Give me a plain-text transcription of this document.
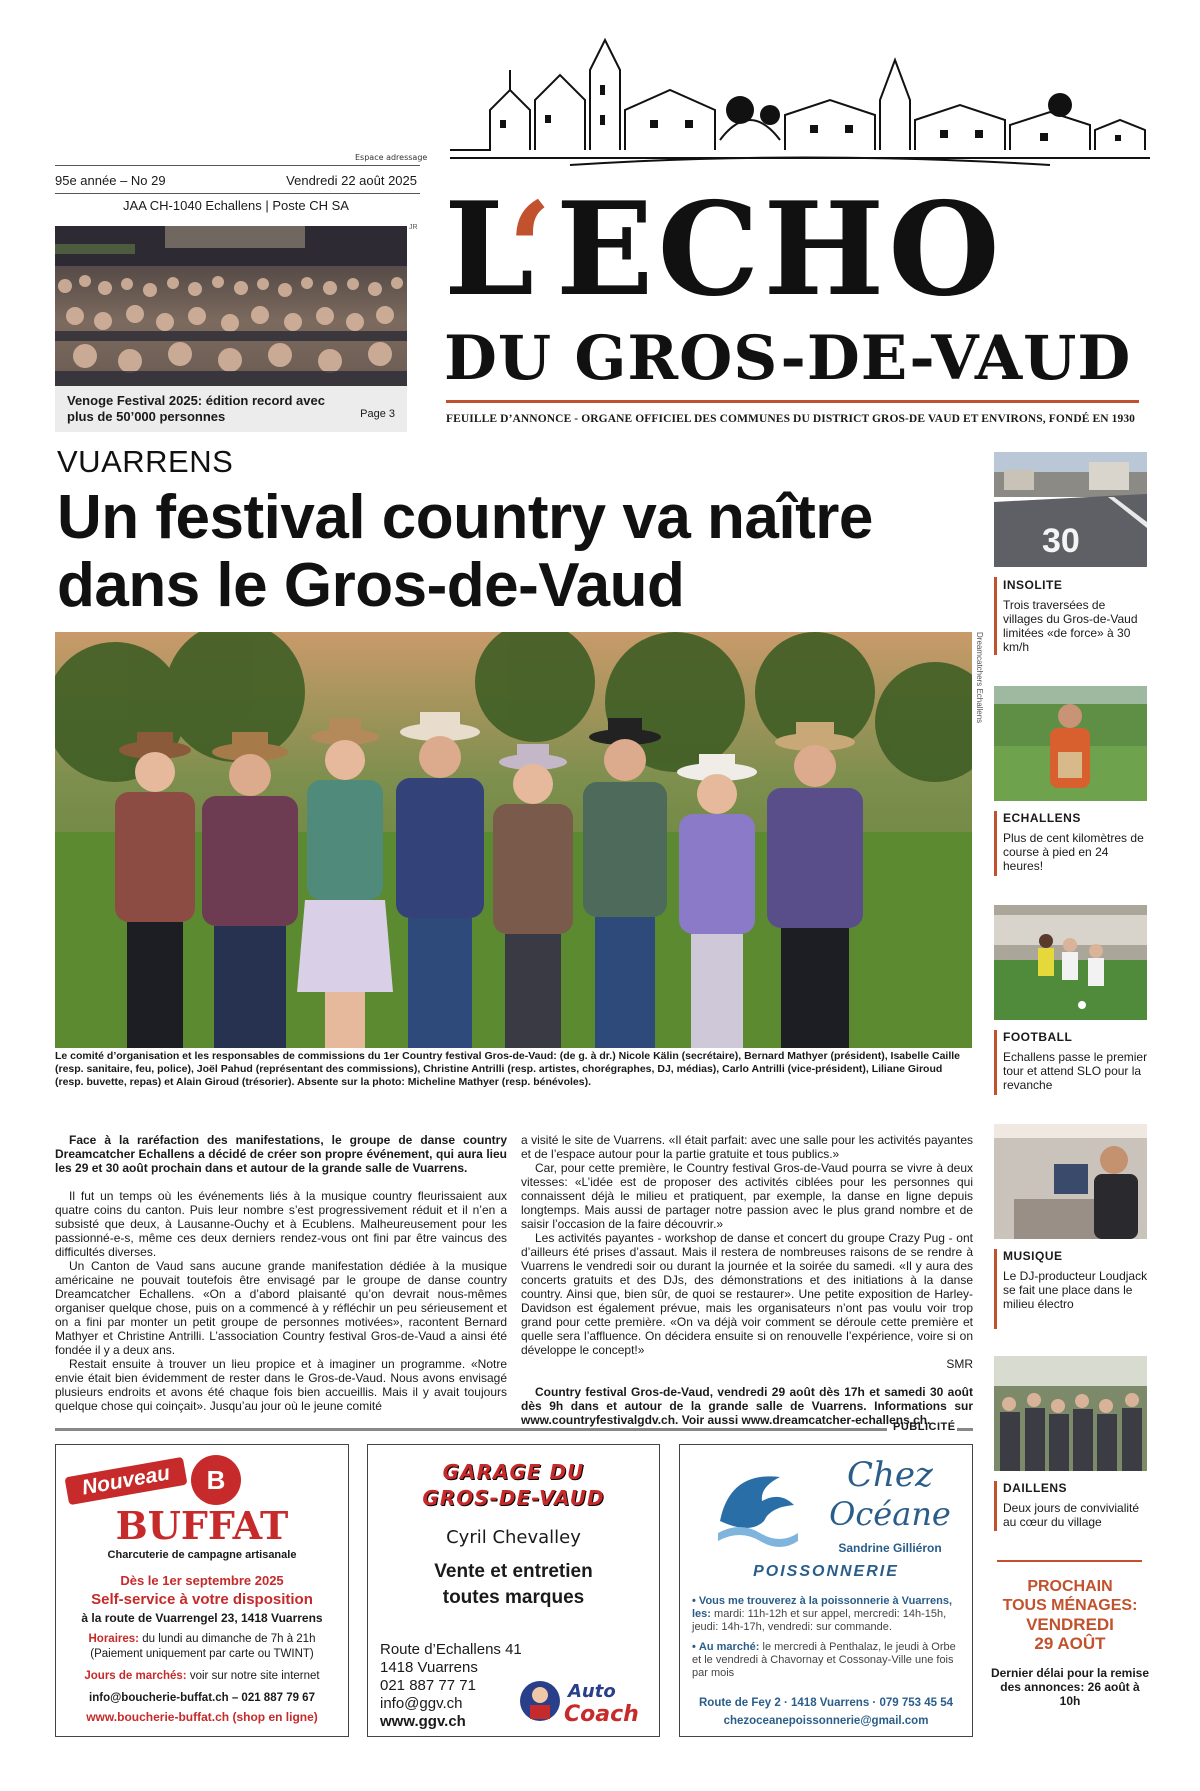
Espace adressage
95e année – No 29	Vendredi 22 août 2025
JAA CH-1040 Echallens | Poste CH SA
JR
Venoge Festival 2025: édition record avec plus de 50’000 personnes	Page 3
L‘ECHO
DU GROS-DE-VAUD
FEUILLE D’ANNONCE - ORGANE OFFICIEL DES COMMUNES DU DISTRICT GROS-DE VAUD ET ENVIRONS, FONDÉ EN 1930
VUARRENS
Un festival country va naître dans le Gros-de-Vaud
Dreamcatchers Echallens
Le comité d’organisation et les responsables de commissions du 1er Country festival Gros-de-Vaud: (de g. à dr.) Nicole Kälin (secrétaire), Bernard Mathyer (président), Isabelle Caille (resp. sanitaire, feu, police), Joël Pahud (représentant des commissions), Christine Antrilli (resp. artistes, chorégraphes, DJ, médias), Carlo Antrilli (vice-président), Liliane Giroud (resp. buvette, repas) et Alain Giroud (trésorier). Absente sur la photo: Micheline Mathyer (resp. bénévoles).

Face à la raréfaction des manifestations, le groupe de danse country Dreamcatcher Echallens a décidé de créer son propre événement, qui aura lieu les 29 et 30 août prochain dans et autour de la grande salle de Vuarrens.

Il fut un temps où les événements liés à la musique country fleurissaient aux quatre coins du canton. Puis leur nombre s’est progressivement réduit et il n’en a subsisté que deux, à Lausanne-Ouchy et à Ecublens. Malheureusement pour les passionné-e-s, même ces deux derniers rendez-vous ont fini par être vaincus des difficultés diverses.

Un Canton de Vaud sans aucune grande manifestation dédiée à la musique américaine ne pouvait toutefois être envisagé par le groupe de danse country Dreamcatcher Echallens. «On a d’abord plaisanté qu’on devrait nous-mêmes organiser quelque chose, puis on a commencé à y réfléchir un peu sérieusement et on a fini par monter un petit groupe de personnes motivées», racontent Bernard Mathyer et Christine Antrilli. L’association Country festival Gros-de-Vaud a ainsi été fondée il y a deux ans.

Restait ensuite à trouver un lieu propice et à imaginer un programme. «Notre envie était bien évidemment de rester dans le Gros-de-Vaud. Nous avons envisagé plusieurs endroits et avons été chaque fois bien accueillis. Mais il y avait toujours quelque chose qui coinçait». Jusqu’au jour où le jeune comité

a visité le site de Vuarrens. «Il était parfait: avec une salle pour les activités payantes et de l’espace autour pour la partie gratuite et tous publics.»

Car, pour cette première, le Country festival Gros-de-Vaud pourra se vivre à deux vitesses: «L’idée est de proposer des activités ciblées pour les personnes qui connaissent déjà le milieu et pratiquent, par exemple, la danse en ligne depuis longtemps. Mais aussi de partager notre passion avec le plus grand nombre et de saisir l’occasion de la faire découvrir.»

Les activités payantes - workshop de danse et concert du groupe Crazy Pug - ont d’ailleurs été prises d’assaut. Mais il restera de nombreuses raisons de se rendre à Vuarrens le vendredi soir ou durant la journée et la soirée du samedi. «Il y aura des concerts gratuits et des DJs, des démonstrations et des initiations à la danse country. Ainsi que, bien sûr, de quoi se restaurer». Une petite exposition de Harley-Davidson est également prévue, mais les organisateurs n’ont pas voulu voir trop grand pour cette première. «On va déjà voir comment se déroule cette première et quelle sera l’affluence. On décidera ensuite si on renouvelle l’expérience, voire si on développe le concept!»

SMR

Country festival Gros-de-Vaud, vendredi 29 août dès 17h et samedi 30 août dès 9h dans et autour de la grande salle de Vuarrens. Informations sur www.countryfestivalgdv.ch. Voir aussi www.dreamcatcher-echallens.ch.

30
INSOLITE
Trois traversées de villages du Gros-de-Vaud limitées «de force» à 30 km/h
ECHALLENS
Plus de cent kilomètres de course à pied en 24 heures!
FOOTBALL
Echallens passe le premier tour et attend SLO pour la revanche
MUSIQUE
Le DJ-producteur Loudjack se fait une place dans le milieu électro
DAILLENS
Deux jours de convivialité au cœur du village
PROCHAIN
TOUS MÉNAGES:
VENDREDI
29 AOÛT
Dernier délai pour la remise des annonces: 26 août à 10h
PUBLICITÉ
Nouveau	B
BUFFAT
Charcuterie de campagne artisanale
Dès le 1er septembre 2025
Self-service à votre disposition
à la route de Vuarrengel 23, 1418 Vuarrens
Horaires: du lundi au dimanche de 7h à 21h
(Paiement uniquement par carte ou TWINT)
Jours de marchés: voir sur notre site internet
info@boucherie-buffat.ch – 021 887 79 67
www.boucherie-buffat.ch (shop en ligne)
GARAGE DU
GROS-DE-VAUD
Cyril Chevalley
Vente et entretien
toutes marques
Route d’Echallens 41
1418 Vuarrens
021 887 77 71
info@ggv.ch
www.ggv.ch
Auto
Coach
Chez
Océane
Sandrine Gilliéron
POISSONNERIE
• Vous me trouverez à la poissonnerie à Vuarrens, les: mardi: 11h-12h et sur appel, mercredi: 14h-15h, jeudi: 14h-17h, vendredi: sur commande.
• Au marché: le mercredi à Penthalaz, le jeudi à Orbe et le vendredi à Chavornay et Cossonay-Ville une fois par mois
Route de Fey 2 · 1418 Vuarrens · 079 753 45 54
chezoceanepoissonnerie@gmail.com
